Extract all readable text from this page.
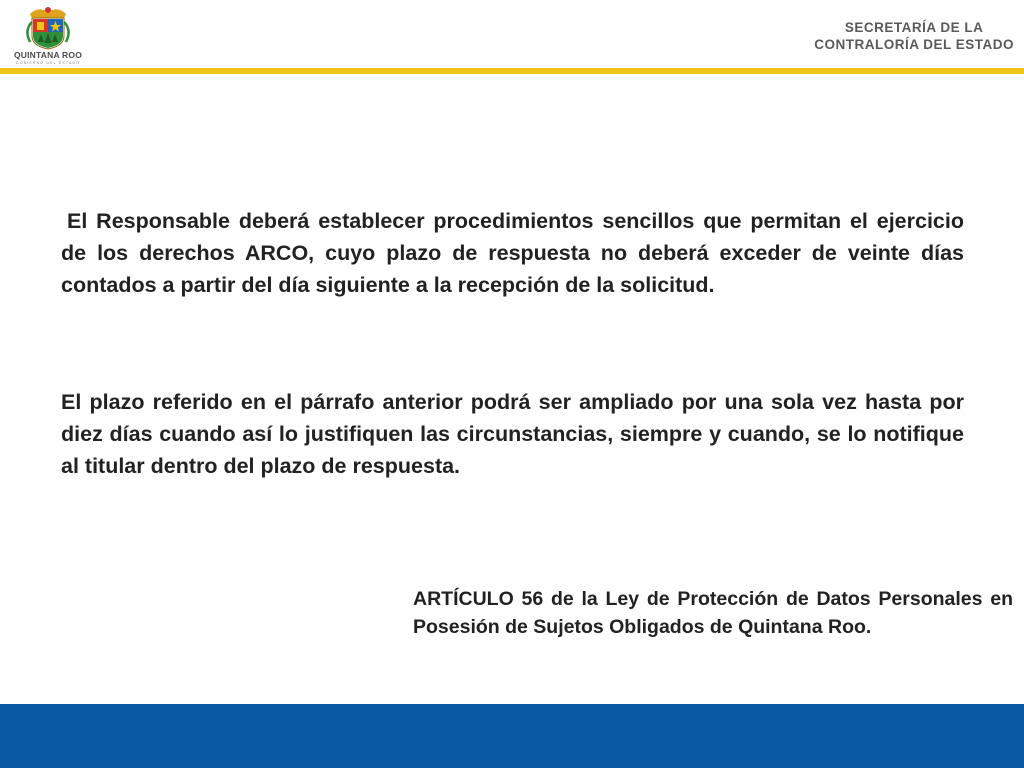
QUINTANA ROO
GOBIERNO DEL ESTADO
SECRETARÍA DE LA
CONTRALORÍA DEL ESTADO

El Responsable deberá establecer procedimientos sencillos que permitan el ejercicio de los derechos ARCO, cuyo plazo de respuesta no deberá exceder de veinte días contados a partir del día siguiente a la recepción de la solicitud.

El plazo referido en el párrafo anterior podrá ser ampliado por una sola vez hasta por diez días cuando así lo justifiquen las circunstancias, siempre y cuando, se lo notifique al titular dentro del plazo de respuesta.

ARTÍCULO 56 de la Ley de Protección de Datos Personales en Posesión de Sujetos Obligados de Quintana Roo.
